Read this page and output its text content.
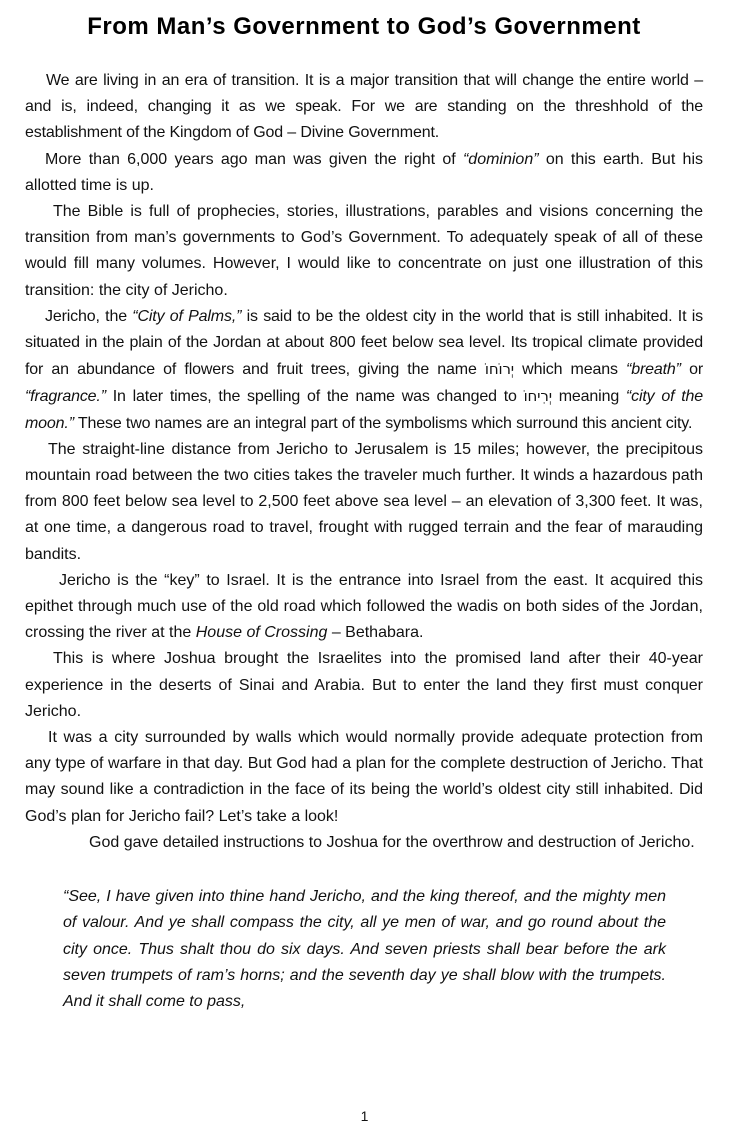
From Man’s Government to God’s Government

We are living in an era of transition. It is a major transition that will change the entire world – and is, indeed, changing it as we speak. For we are standing on the threshhold of the establishment of the Kingdom of God – Divine Government.

More than 6,000 years ago man was given the right of “dominion” on this earth. But his allotted time is up.

The Bible is full of prophecies, stories, illustrations, parables and visions concerning the transition from man’s governments to God’s Government. To adequately speak of all of these would fill many volumes. However, I would like to concentrate on just one illustration of this transition: the city of Jericho.

Jericho, the “City of Palms,” is said to be the oldest city in the world that is still inhabited. It is situated in the plain of the Jordan at about 800 feet below sea level. Its tropical climate provided for an abundance of flowers and fruit trees, giving the name יְרוֹחוֹ which means “breath” or “fragrance.” In later times, the spelling of the name was changed to יְרִיחוֹ meaning “city of the moon.” These two names are an integral part of the symbolisms which surround this ancient city.

The straight-line distance from Jericho to Jerusalem is 15 miles; however, the precipitous mountain road between the two cities takes the traveler much further. It winds a hazardous path from 800 feet below sea level to 2,500 feet above sea level – an elevation of 3,300 feet. It was, at one time, a dangerous road to travel, frought with rugged terrain and the fear of marauding bandits.

Jericho is the “key” to Israel. It is the entrance into Israel from the east. It acquired this epithet through much use of the old road which followed the wadis on both sides of the Jordan, crossing the river at the House of Crossing – Bethabara.

This is where Joshua brought the Israelites into the promised land after their 40-year experience in the deserts of Sinai and Arabia. But to enter the land they first must conquer Jericho.

It was a city surrounded by walls which would normally provide adequate protection from any type of warfare in that day. But God had a plan for the complete destruction of Jericho. That may sound like a contradiction in the face of its being the world’s oldest city still inhabited. Did God’s plan for Jericho fail? Let’s take a look!

God gave detailed instructions to Joshua for the overthrow and destruction of Jericho.

“See, I have given into thine hand Jericho, and the king thereof, and the mighty men of valour. And ye shall compass the city, all ye men of war, and go round about the city once. Thus shalt thou do six days. And seven priests shall bear before the ark seven trumpets of ram’s horns; and the seventh day ye shall blow with the trumpets. And it shall come to pass,
1
